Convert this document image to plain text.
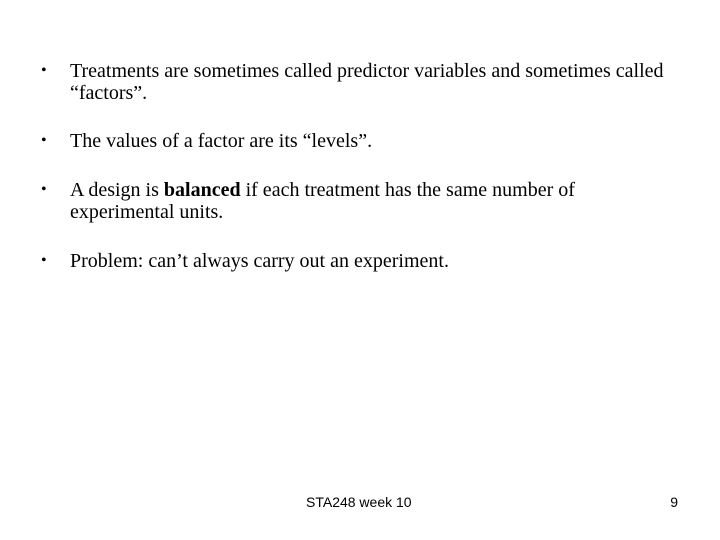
• Treatments are sometimes called predictor variables and sometimes called “factors”.
• The values of a factor are its “levels”.
• A design is balanced if each treatment has the same number of experimental units.
• Problem: can’t always carry out an experiment.
STA248 week 10	9
